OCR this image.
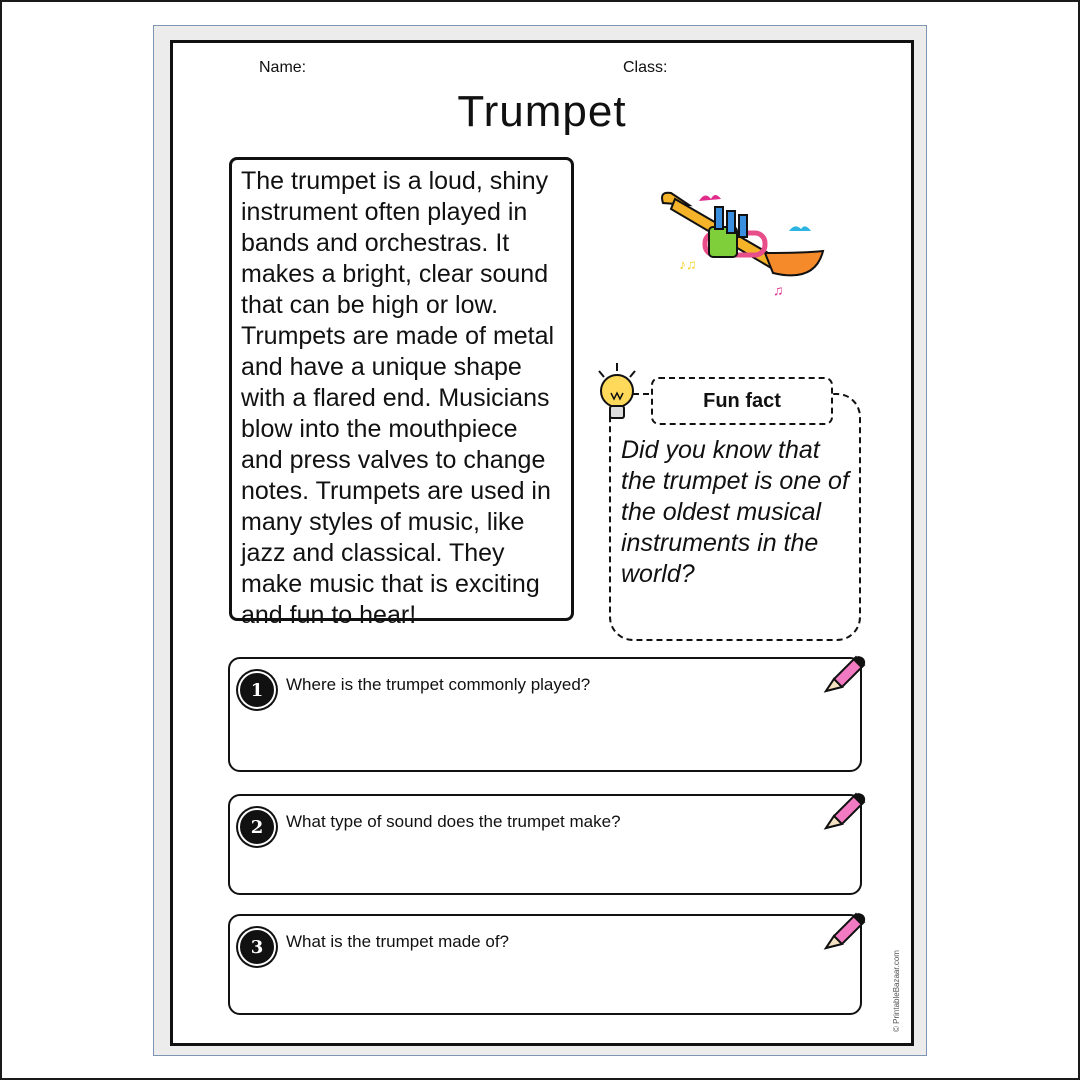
Name:	Class:
Trumpet
The trumpet is a loud, shiny instrument often played in bands and orchestras. It makes a bright, clear sound that can be high or low. Trumpets are made of metal and have a unique shape with a flared end. Musicians blow into the mouthpiece and press valves to change notes. Trumpets are used in many styles of music, like jazz and classical. They make music that is exciting and fun to hear!
♪♫
♫
Fun fact
Did you know that the trumpet is one of the oldest musical instruments in the world?
1	Where is the trumpet commonly played?
2	What type of sound does the trumpet make?
3	What is the trumpet made of?
© PrintableBazaar.com
